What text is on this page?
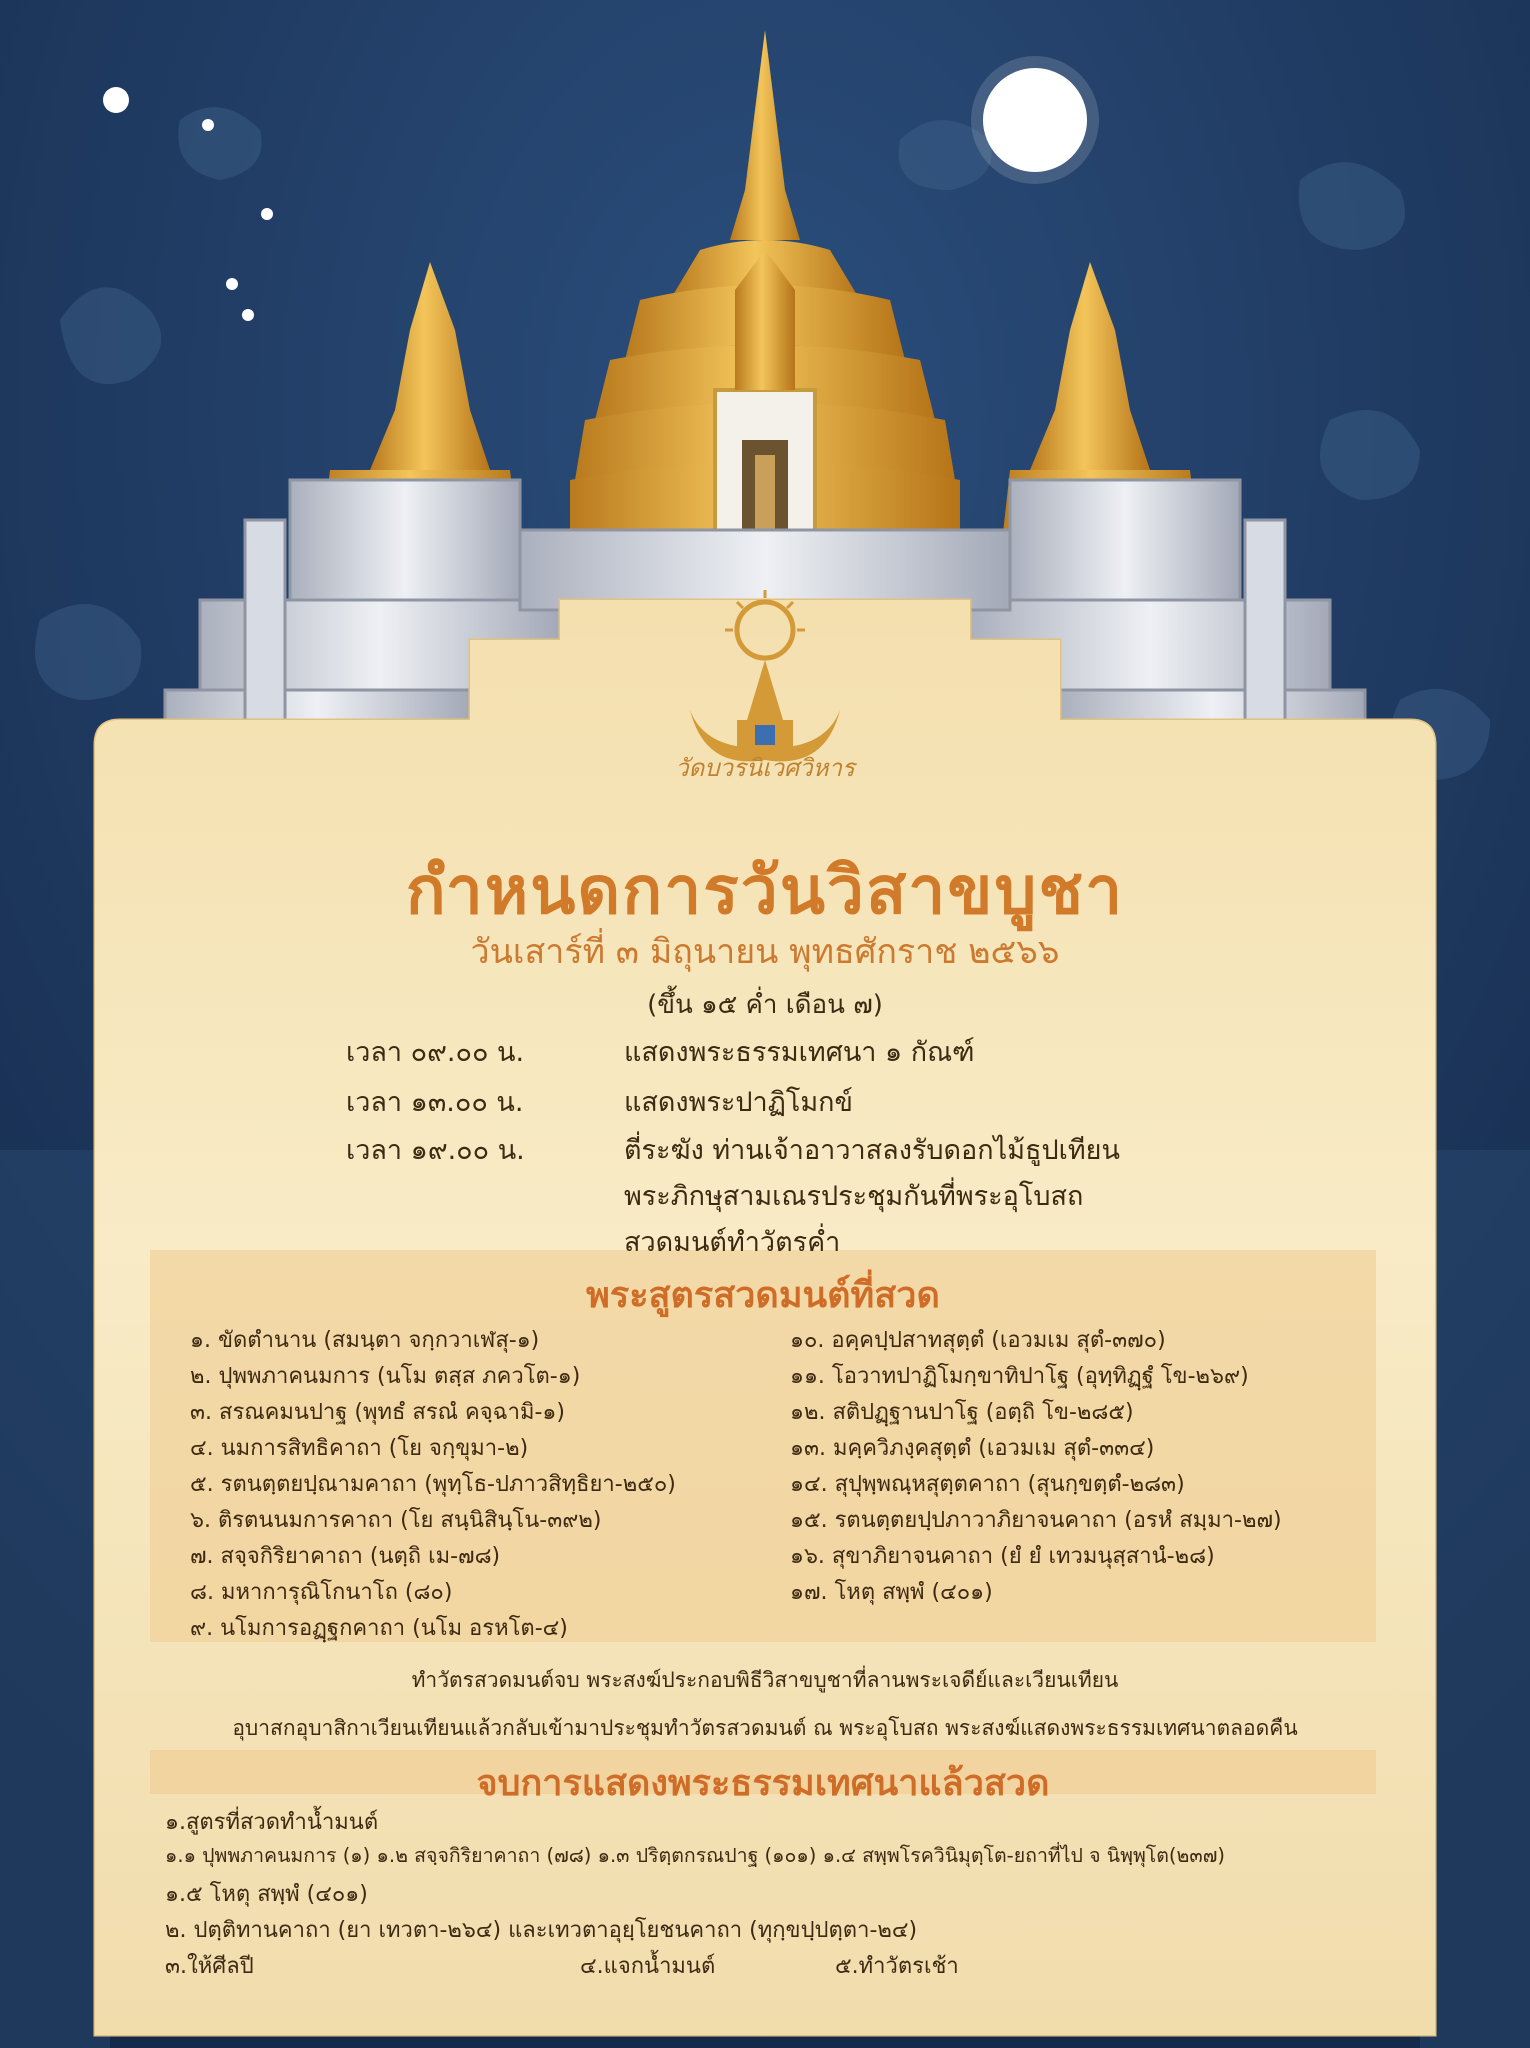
วัดบวรนิเวศวิหาร
กำหนดการวันวิสาขบูชา
วันเสาร์ที่ ๓ มิถุนายน พุทธศักราช ๒๕๖๖
(ขึ้น ๑๕ ค่ำ เดือน ๗)
เวลา ๐๙.๐๐ น.	แสดงพระธรรมเทศนา ๑ กัณฑ์
เวลา ๑๓.๐๐ น.	แสดงพระปาฏิโมกข์
เวลา ๑๙.๐๐ น.	ตี่ระฆัง ท่านเจ้าอาวาสลงรับดอกไม้ธูปเทียน
พระภิกษุสามเณรประชุมกันที่พระอุโบสถ
สวดมนต์ทำวัตรค่ำ
พระสูตรสวดมนต์ที่สวด
๑. ขัดตำนาน (สมนฺตา จกฺกวาเฬสุ-๑)
๒. ปุพพภาคนมการ (นโม ตสฺส ภควโต-๑)
๓. สรณคมนปาฐ (พุทธํ สรณํ คจฺฉามิ-๑)
๔. นมการสิทธิคาถา (โย จกฺขุมา-๒)
๕. รตนตฺตยปฺณามคาถา (พุทฺโธ-ปภาวสิทฺธิยา-๒๕๐)
๖. ติรตนนมการคาถา (โย สนฺนิสินฺโน-๓๙๒)
๗. สจฺจกิริยาคาถา (นตฺถิ เม-๗๘)
๘. มหาการุณิโกนาโถ (๘๐)
๙. นโมการอฏฺฐกคาถา (นโม อรหโต-๔)
๑๐. อคฺคปฺปสาทสุตฺตํ (เอวมเม สุตํ-๓๗๐)
๑๑. โอวาทปาฏิโมกฺขาทิปาโฐ (อุทฺทิฏฺฐํ โข-๒๖๙)
๑๒. สติปฏฺฐานปาโฐ (อตฺถิ โข-๒๘๕)
๑๓. มคฺควิภงฺคสุตฺตํ (เอวมเม สุตํ-๓๓๔)
๑๔. สุปุพฺพณฺหสุตฺตคาถา (สุนกฺขตฺตํ-๒๘๓)
๑๕. รตนตฺตยปฺปภาวาภิยาจนคาถา (อรหํ สมฺมา-๒๗)
๑๖. สุขาภิยาจนคาถา (ยํ ยํ เทวมนุสฺสานํ-๒๘)
๑๗. โหตุ สพฺพํ (๔๐๑)
ทำวัตรสวดมนต์จบ พระสงฆ์ประกอบพิธีวิสาขบูชาที่ลานพระเจดีย์และเวียนเทียน
อุบาสกอุบาสิกาเวียนเทียนแล้วกลับเข้ามาประชุมทำวัตรสวดมนต์ ณ พระอุโบสถ พระสงฆ์แสดงพระธรรมเทศนาตลอดคืน
จบการแสดงพระธรรมเทศนาแล้วสวด
๑.สูตรที่สวดทำน้ำมนต์
๑.๑ ปุพพภาคนมการ (๑) ๑.๒ สจฺจกิริยาคาถา (๗๘) ๑.๓ ปริตฺตกรณปาฐ (๑๐๑) ๑.๔ สพฺพโรควินิมุตฺโต-ยถาที่ไป จ นิพฺพุโต(๒๓๗)
๑.๕ โหตุ สพฺพํ (๔๐๑)
๒. ปตฺติทานคาถา (ยา เทวตา-๒๖๔) และเทวตาอุยฺโยชนคาถา (ทุกฺขปฺปตฺตา-๒๔)
๓.ให้ศีลปี	๔.แจกน้ำมนต์	๕.ทำวัตรเช้า
